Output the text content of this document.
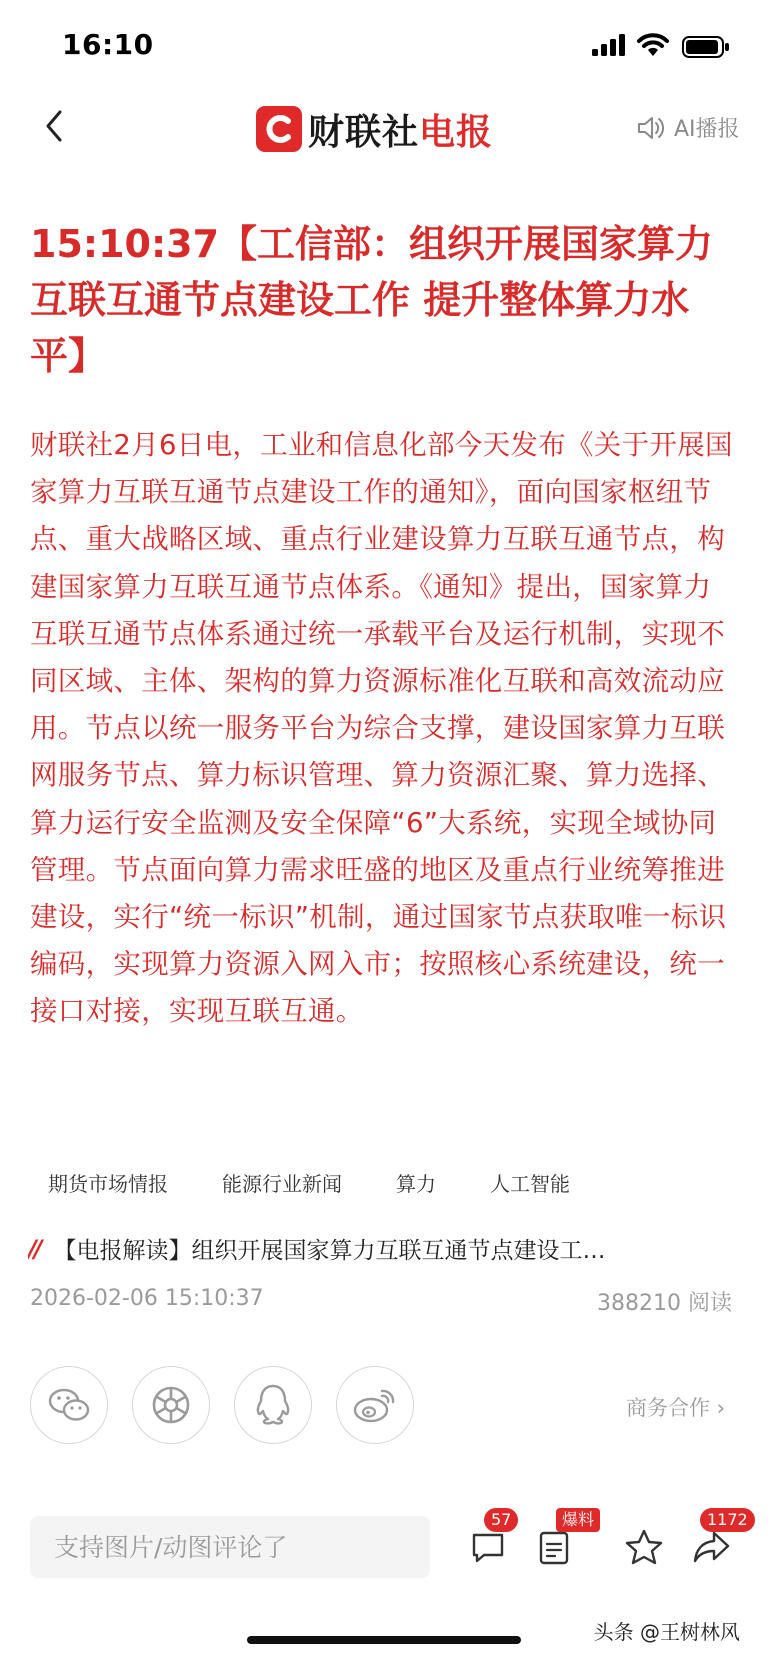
16:10
财联社电报	AI播报
15:10:37【工信部：组织开展国家算力互联互通节点建设工作 提升整体算力水平】

财联社2月6日电，工业和信息化部今天发布《关于开展国家算力互联互通节点建设工作的通知》，面向国家枢纽节点、重大战略区域、重点行业建设算力互联互通节点，构建国家算力互联互通节点体系。《通知》提出，国家算力互联互通节点体系通过统一承载平台及运行机制，实现不同区域、主体、架构的算力资源标准化互联和高效流动应用。节点以统一服务平台为综合支撑，建设国家算力互联网服务节点、算力标识管理、算力资源汇聚、算力选择、算力运行安全监测及安全保障“6”大系统，实现全域协同管理。节点面向算力需求旺盛的地区及重点行业统筹推进建设，实行“统一标识”机制，通过国家节点获取唯一标识编码，实现算力资源入网入市；按照核心系统建设，统一接口对接，实现互联互通。

期货市场情报	能源行业新闻	算力	人工智能
// 【电报解读】组织开展国家算力互联互通节点建设工…
2026-02-06 15:10:37	388210 阅读
商务合作 ›
支持图片/动图评论了
57	爆料	1172
头条 @王树林风
